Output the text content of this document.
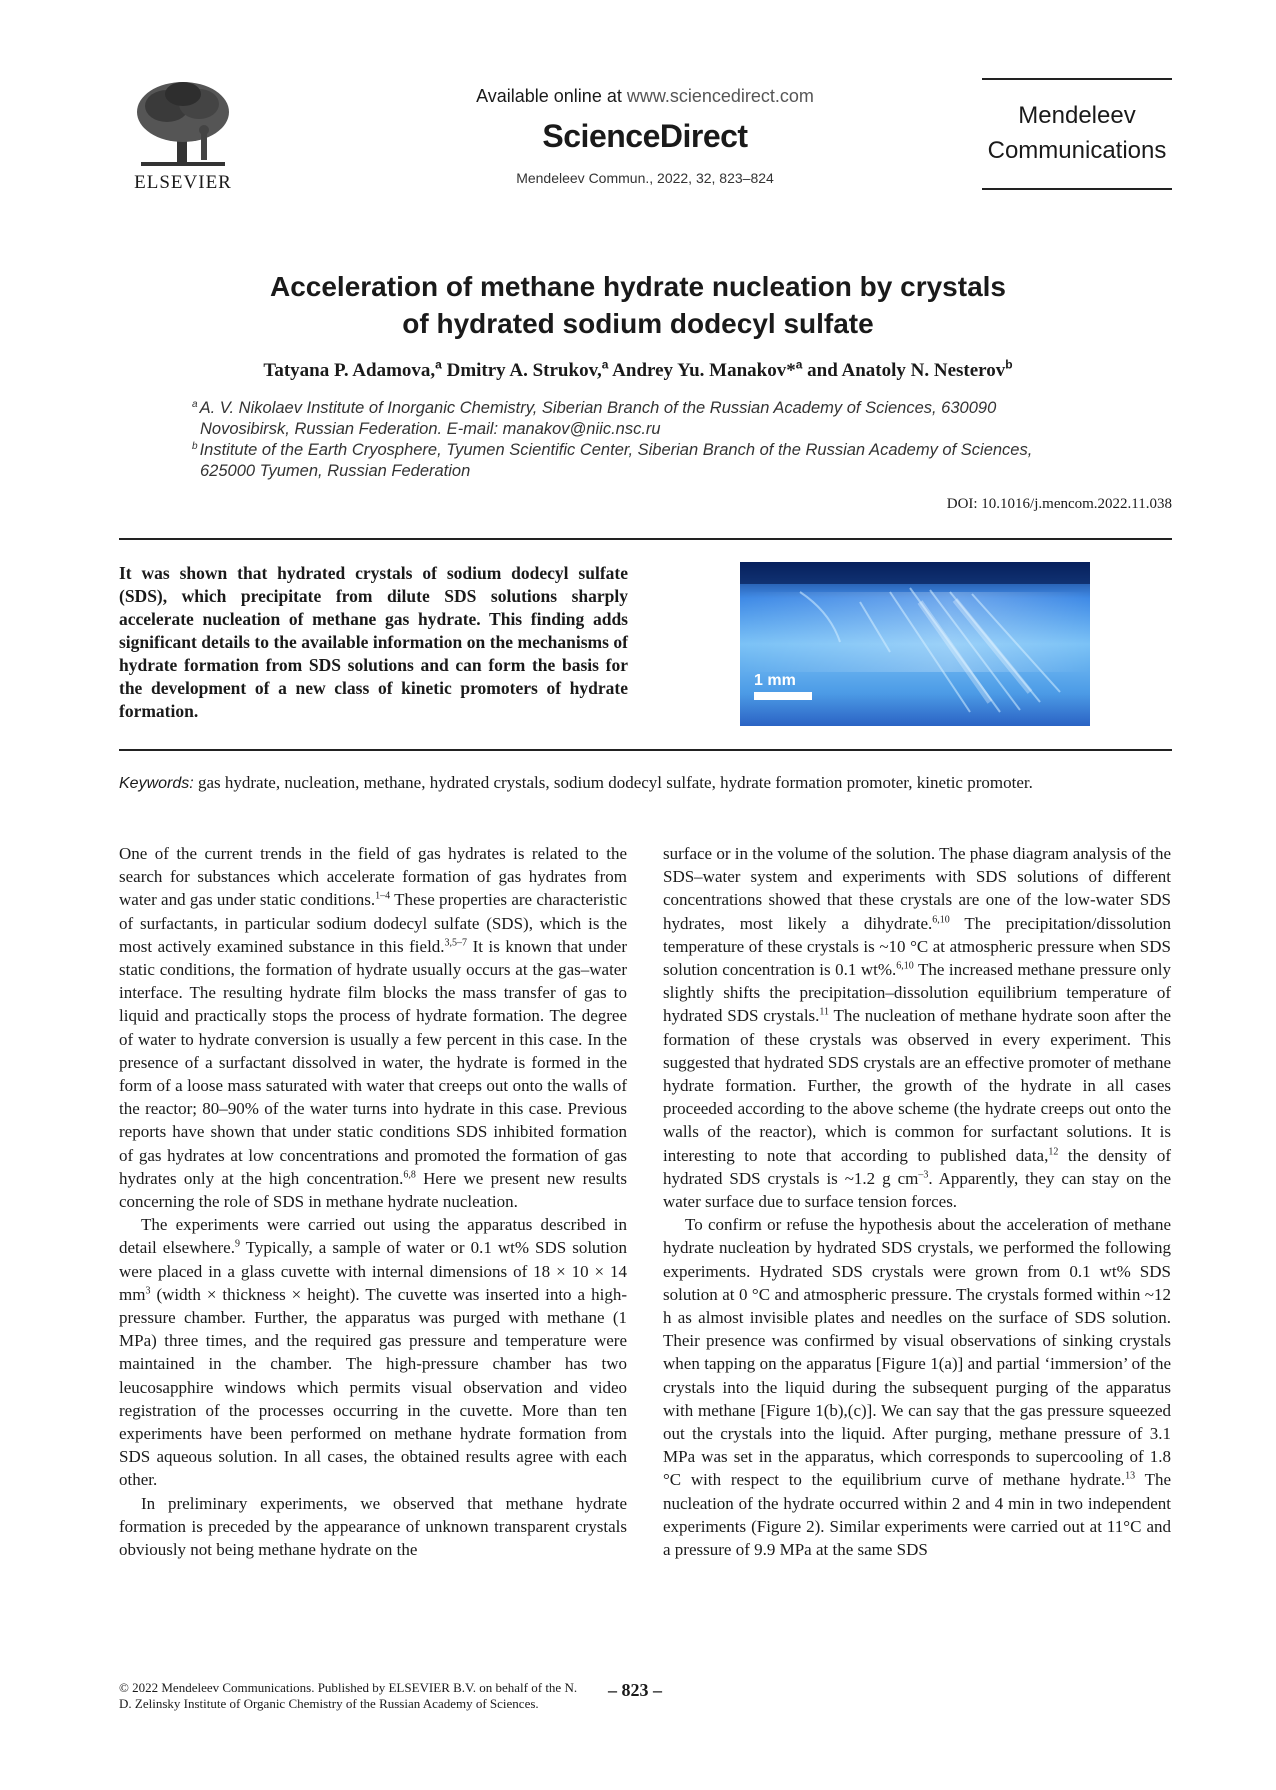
ELSEVIER
Available online at www.sciencedirect.com
ScienceDirect
Mendeleev Commun., 2022, 32, 823–824
Mendeleev
Communications
Acceleration of methane hydrate nucleation by crystals
of hydrated sodium dodecyl sulfate
Tatyana P. Adamova,$^a$ Dmitry A. Strukov,$^a$ Andrey Yu. Manakov*$^a$ and Anatoly N. Nesterov$^b$
$^a$ A. V. Nikolaev Institute of Inorganic Chemistry, Siberian Branch of the Russian Academy of Sciences, 630090
Novosibirsk, Russian Federation. E-mail: manakov@niic.nsc.ru
$^b$ Institute of the Earth Cryosphere, Tyumen Scientific Center, Siberian Branch of the Russian Academy of Sciences,
625000 Tyumen, Russian Federation
DOI: 10.1016/j.mencom.2022.11.038
It was shown that hydrated crystals of sodium dodecyl sulfate (SDS), which precipitate from dilute SDS solutions sharply accelerate nucleation of methane gas hydrate. This finding adds significant details to the available information on the mechanisms of hydrate formation from SDS solutions and can form the basis for the development of a new class of kinetic promoters of hydrate formation.
1 mm
Keywords: gas hydrate, nucleation, methane, hydrated crystals, sodium dodecyl sulfate, hydrate formation promoter, kinetic promoter.

One of the current trends in the field of gas hydrates is related to the search for substances which accelerate formation of gas hydrates from water and gas under static conditions.$^{1-4}$ These properties are characteristic of surfactants, in particular sodium dodecyl sulfate (SDS), which is the most actively examined substance in this field.$^{3,5-7}$ It is known that under static conditions, the formation of hydrate usually occurs at the gas–water interface. The resulting hydrate film blocks the mass transfer of gas to liquid and practically stops the process of hydrate formation. The degree of water to hydrate conversion is usually a few percent in this case. In the presence of a surfactant dissolved in water, the hydrate is formed in the form of a loose mass saturated with water that creeps out onto the walls of the reactor; 80–90% of the water turns into hydrate in this case. Previous reports have shown that under static conditions SDS inhibited formation of gas hydrates at low concentrations and promoted the formation of gas hydrates only at the high concentration.$^{6,8}$ Here we present new results concerning the role of SDS in methane hydrate nucleation.

The experiments were carried out using the apparatus described in detail elsewhere.$^9$ Typically, a sample of water or 0.1 wt% SDS solution were placed in a glass cuvette with internal dimensions of 18 × 10 × 14 $mm^3$ (width × thickness × height). The cuvette was inserted into a high-pressure chamber. Further, the apparatus was purged with methane (1 MPa) three times, and the required gas pressure and temperature were maintained in the chamber. The high-pressure chamber has two leucosapphire windows which permits visual observation and video registration of the processes occurring in the cuvette. More than ten experiments have been performed on methane hydrate formation from SDS aqueous solution. In all cases, the obtained results agree with each other.

In preliminary experiments, we observed that methane hydrate formation is preceded by the appearance of unknown transparent crystals obviously not being methane hydrate on the

surface or in the volume of the solution. The phase diagram analysis of the SDS–water system and experiments with SDS solutions of different concentrations showed that these crystals are one of the low-water SDS hydrates, most likely a dihydrate.$^{6,10}$ The precipitation/dissolution temperature of these crystals is ~10 °C at atmospheric pressure when SDS solution concentration is 0.1 wt%.$^{6,10}$ The increased methane pressure only slightly shifts the precipitation–dissolution equilibrium temperature of hydrated SDS crystals.$^{11}$ The nucleation of methane hydrate soon after the formation of these crystals was observed in every experiment. This suggested that hydrated SDS crystals are an effective promoter of methane hydrate formation. Further, the growth of the hydrate in all cases proceeded according to the above scheme (the hydrate creeps out onto the walls of the reactor), which is common for surfactant solutions. It is interesting to note that according to published data,$^{12}$ the density of hydrated SDS crystals is ~1.2 g $cm^{-3}$. Apparently, they can stay on the water surface due to surface tension forces.

To confirm or refuse the hypothesis about the acceleration of methane hydrate nucleation by hydrated SDS crystals, we performed the following experiments. Hydrated SDS crystals were grown from 0.1 wt% SDS solution at 0 °C and atmospheric pressure. The crystals formed within ~12 h as almost invisible plates and needles on the surface of SDS solution. Their presence was confirmed by visual observations of sinking crystals when tapping on the apparatus [Figure 1(a)] and partial ‘immersion’ of the crystals into the liquid during the subsequent purging of the apparatus with methane [Figure 1(b),(c)]. We can say that the gas pressure squeezed out the crystals into the liquid. After purging, methane pressure of 3.1 MPa was set in the apparatus, which corresponds to supercooling of 1.8 °C with respect to the equilibrium curve of methane hydrate.$^{13}$ The nucleation of the hydrate occurred within 2 and 4 min in two independent experiments (Figure 2). Similar experiments were carried out at 11°C and a pressure of 9.9 MPa at the same SDS

© 2022 Mendeleev Communications. Published by ELSEVIER B.V. on behalf of the N. D. Zelinsky Institute of Organic Chemistry of the Russian Academy of Sciences.
– 823 –
